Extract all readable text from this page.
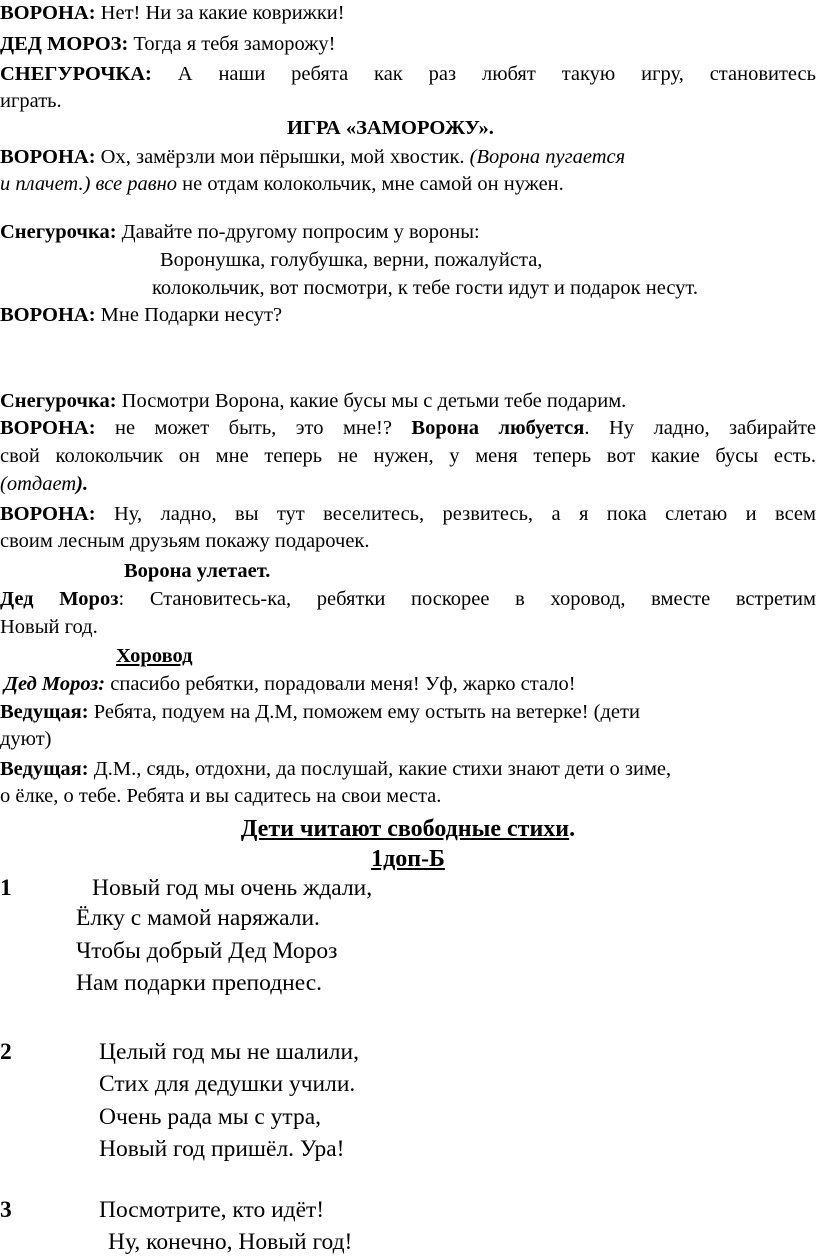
ВОРОНА: Нет! Ни за какие коврижки!
ДЕД МОРОЗ: Тогда я тебя заморожу!
СНЕГУРОЧКА: А наши ребята как раз любят такую игру, становитесь
играть.
ИГРА «ЗАМОРОЖУ».
ВОРОНА: Ох, замёрзли мои пёрышки, мой хвостик. (Ворона пугается
и плачет.) все равно не отдам колокольчик, мне самой он нужен.
Снегурочка: Давайте по-другому попросим у вороны:
Воронушка, голубушка, верни, пожалуйста,
колокольчик, вот посмотри, к тебе гости идут и подарок несут.
ВОРОНА: Мне Подарки несут?
Снегурочка: Посмотри Ворона, какие бусы мы с детьми тебе подарим.
ВОРОНА: не может быть, это мне!? Ворона любуется. Ну ладно, забирайте
свой колокольчик он мне теперь не нужен, у меня теперь вот какие бусы есть.
(отдает).
ВОРОНА: Ну, ладно, вы тут веселитесь, резвитесь, а я пока слетаю и всем
своим лесным друзьям покажу подарочек.
Ворона улетает.
Дед Мороз: Становитесь-ка, ребятки поскорее в хоровод, вместе встретим
Новый год.
Хоровод
Дед Мороз: спасибо ребятки, порадовали меня! Уф, жарко стало!
Ведущая: Ребята, подуем на Д.М, поможем ему остыть на ветерке! (дети
дуют)
Ведущая: Д.М., сядь, отдохни, да послушай, какие стихи знают дети о зиме,
о ёлке, о тебе. Ребята и вы садитесь на свои места.
Дети читают свободные стихи.
1доп-Б
1	Новый год мы очень ждали,
Ёлку с мамой наряжали.
Чтобы добрый Дед Мороз
Нам подарки преподнес.
2	Целый год мы не шалили,
Стих для дедушки учили.
Очень рада мы с утра,
Новый год пришёл. Ура!
3	Посмотрите, кто идёт!
Ну, конечно, Новый год!
